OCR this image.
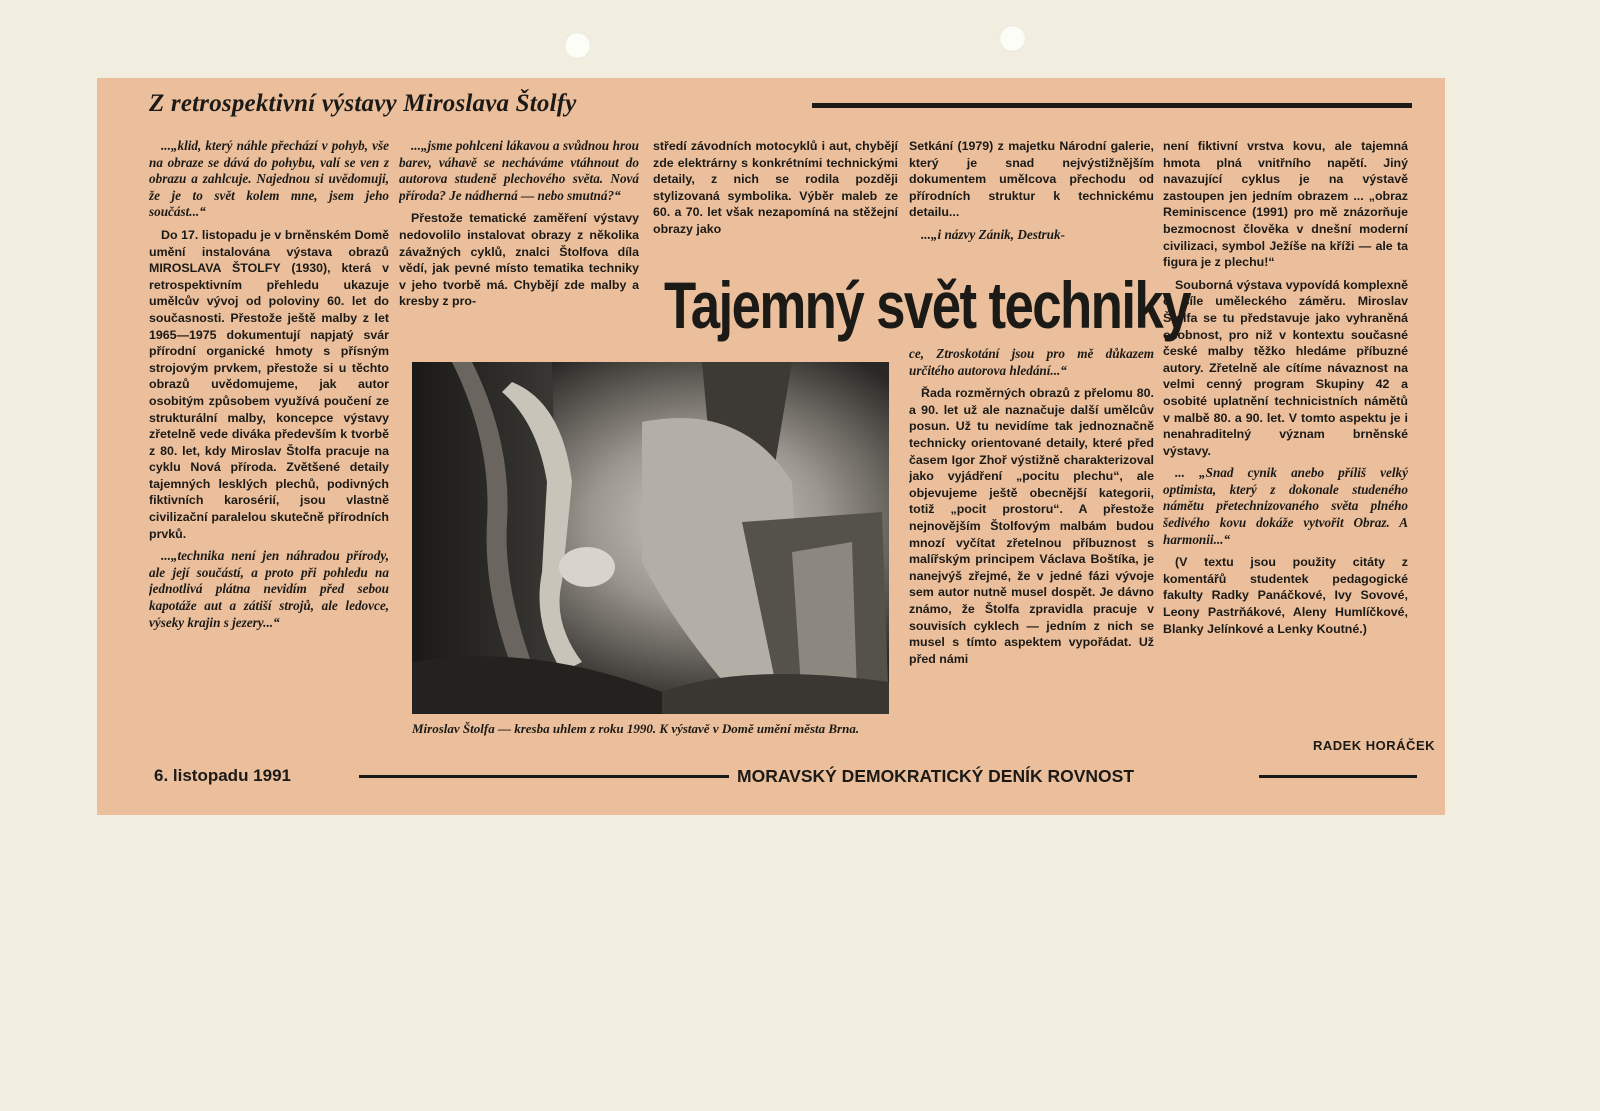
Z retrospektivní výstavy Miroslava Štolfy

...„klid, který náhle přechází v pohyb, vše na obraze se dává do pohybu, valí se ven z obrazu a zahlcuje. Najednou si uvědomuji, že je to svět kolem mne, jsem jeho součást...“

Do 17. listopadu je v brněnském Domě umění instalována výstava obrazů MIROSLAVA ŠTOLFY (1930), která v retrospektivním přehledu ukazuje umělcův vývoj od poloviny 60. let do současnosti. Přestože ještě malby z let 1965—1975 dokumentují napjatý svár přírodní organické hmoty s přísným strojovým prvkem, přestože si u těchto obrazů uvědomujeme, jak autor osobitým způsobem využívá poučení ze strukturální malby, koncepce výstavy zřetelně vede diváka především k tvorbě z 80. let, kdy Miroslav Štolfa pracuje na cyklu Nová příroda. Zvětšené detaily tajemných lesklých plechů, podivných fiktivních karosérií, jsou vlastně civilizační paralelou skutečně přírodních prvků.

...„technika není jen náhradou přírody, ale její součástí, a proto při pohledu na jednotlivá plátna nevidím před sebou kapotáže aut a zátiší strojů, ale ledovce, výseky krajin s jezery...“

...„jsme pohlceni lákavou a svůdnou hrou barev, váhavě se necháváme vtáhnout do autorova studeně plechového světa. Nová příroda? Je nádherná — nebo smutná?“

Přestože tematické zaměření výstavy nedovolilo instalovat obrazy z několika závažných cyklů, znalci Štolfova díla vědí, jak pevné místo tematika techniky v jeho tvorbě má. Chybějí zde malby a kresby z pro-

středí závodních motocyklů i aut, chybějí zde elektrárny s konkrétními technickými detaily, z nich se rodila později stylizovaná symbolika. Výběr maleb ze 60. a 70. let však nezapomíná na stěžejní obrazy jako

Setkání (1979) z majetku Národní galerie, který je snad nejvýstižnějším dokumentem umělcova přechodu od přírodních struktur k technickému detailu...

...„i názvy Zánik, Destruk-

Tajemný svět techniky

ce, Ztroskotání jsou pro mě důkazem určitého autorova hledání...“

Řada rozměrných obrazů z přelomu 80. a 90. let už ale naznačuje další umělcův posun. Už tu nevidíme tak jednoznačně technicky orientované detaily, které před časem Igor Zhoř výstižně charakterizoval jako vyjádření „pocitu plechu“, ale objevujeme ještě obecnější kategorii, totiž „pocit prostoru“. A přestože nejnovějším Štolfovým malbám budou mnozí vyčítat zřetelnou příbuznost s malířským principem Václava Boštíka, je nanejvýš zřejmé, že v jedné fázi vývoje sem autor nutně musel dospět. Je dávno známo, že Štolfa zpravidla pracuje v souvisích cyklech — jedním z nich se musel s tímto aspektem vypořádat. Už před námi

není fiktivní vrstva kovu, ale tajemná hmota plná vnitřního napětí. Jiný navazující cyklus je na výstavě zastoupen jen jedním obrazem ... „obraz Reminiscence (1991) pro mě znázorňuje bezmocnost člověka v dnešní moderní civilizaci, symbol Ježíše na kříži — ale ta figura je z plechu!“

Souborná výstava vypovídá komplexně o síle uměleckého záměru. Miroslav Štolfa se tu představuje jako vyhraněná osobnost, pro niž v kontextu současné české malby těžko hledáme příbuzné autory. Zřetelně ale cítíme návaznost na velmi cenný program Skupiny 42 a osobité uplatnění technicistních námětů v malbě 80. a 90. let. V tomto aspektu je i nenahraditelný význam brněnské výstavy.

... „Snad cynik anebo příliš velký optimista, který z dokonale studeného námětu přetechnizovaného světa plného šedivého kovu dokáže vytvořit Obraz. A harmonii...“

(V textu jsou použity citáty z komentářů studentek pedagogické fakulty Radky Panáčkové, Ivy Sovové, Leony Pastrňákové, Aleny Humlíčkové, Blanky Jelínkové a Lenky Koutné.)

RADEK HORÁČEK
Miroslav Štolfa — kresba uhlem z roku 1990. K výstavě v Domě umění města Brna.
6. listopadu 1991	MORAVSKÝ DEMOKRATICKÝ DENÍK ROVNOST
